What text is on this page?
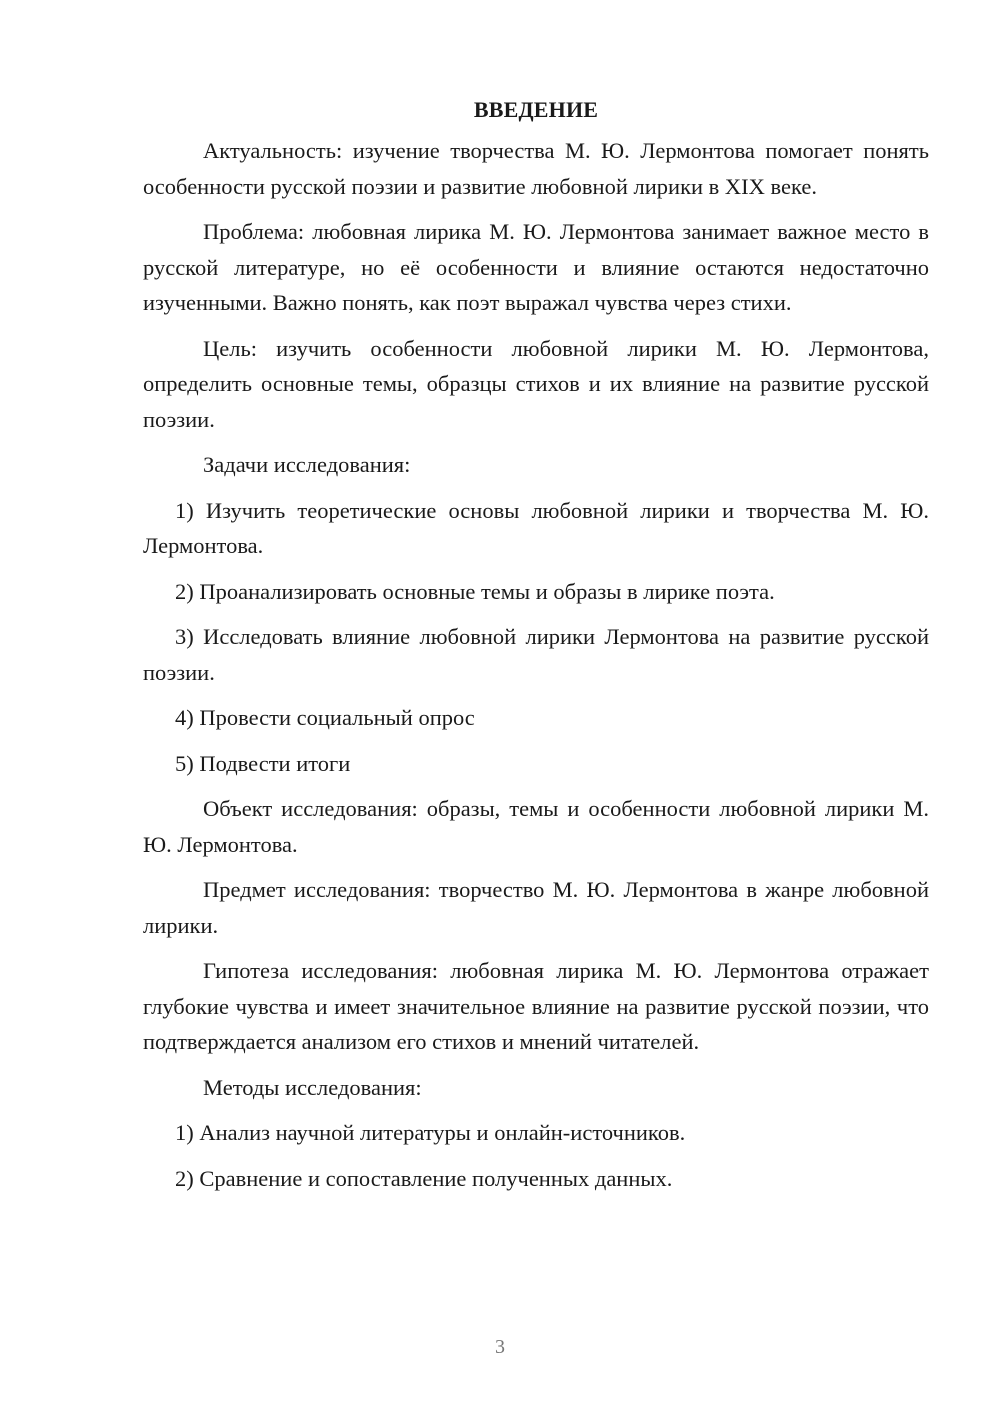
ВВЕДЕНИЕ

Актуальность: изучение творчества М. Ю. Лермонтова помогает понять особенности русской поэзии и развитие любовной лирики в XIX веке.

Проблема: любовная лирика М. Ю. Лермонтова занимает важное место в русской литературе, но её особенности и влияние остаются недостаточно изученными. Важно понять, как поэт выражал чувства через стихи.

Цель: изучить особенности любовной лирики М. Ю. Лермонтова, определить основные темы, образцы стихов и их влияние на развитие русской поэзии.

Задачи исследования:

1) Изучить теоретические основы любовной лирики и творчества М. Ю. Лермонтова.

2) Проанализировать основные темы и образы в лирике поэта.

3) Исследовать влияние любовной лирики Лермонтова на развитие русской поэзии.

4) Провести социальный опрос

5) Подвести итоги

Объект исследования: образы, темы и особенности любовной лирики М. Ю. Лермонтова.

Предмет исследования: творчество М. Ю. Лермонтова в жанре любовной лирики.

Гипотеза исследования: любовная лирика М. Ю. Лермонтова отражает глубокие чувства и имеет значительное влияние на развитие русской поэзии, что подтверждается анализом его стихов и мнений читателей.

Методы исследования:

1) Анализ научной литературы и онлайн-источников.

2) Сравнение и сопоставление полученных данных.

3
